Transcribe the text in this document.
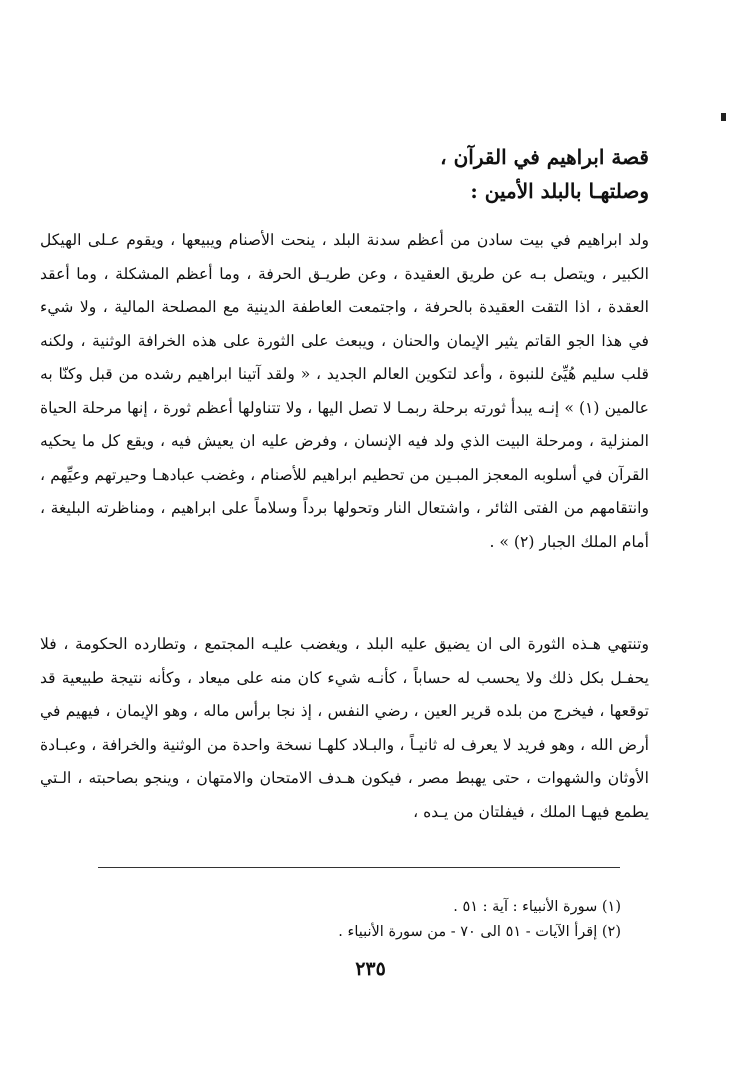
قصة ابراهيم في القرآن ،
وصلتهـا بالبلد الأمين :

ولد ابراهيم في بيت سادن من أعظم سدنة البلد ، ينحت الأصنام ويبيعها ، ويقوم عـلى الهيكل الكبير ، ويتصل بـه عن طريق العقيدة ، وعن طريـق الحرفة ، وما أعظم المشكلة ، وما أعقد العقدة ، اذا التقت العقيدة بالحرفة ، واجتمعت العاطفة الدينية مع المصلحة المالية ، ولا شيء في هذا الجو القاتم يثير الإيمان والحنان ، ويبعث على الثورة على هذه الخرافة الوثنية ، ولكنه قلب سليم هُيِّئ للنبوة ، وأعد لتكوين العالم الجديد ، « ولقد آتينا ابراهيم رشده من قبل وكنّا به عالمين (١) » إنـه يبدأ ثورته برحلة ربمـا لا تصل اليها ، ولا تتناولها أعظم ثورة ، إنها مرحلة الحياة المنزلية ، ومرحلة البيت الذي ولد فيه الإنسان ، وفرض عليه ان يعيش فيه ، ويقع كل ما يحكيه القرآن في أسلوبه المعجز المبـين من تحطيم ابراهيم للأصنام ، وغضب عبادهـا وحيرتهم وعيِّهم ، وانتقامهم من الفتى الثائر ، واشتعال النار وتحولها برداً وسلاماً على ابراهيم ، ومناظرته البليغة ، أمام الملك الجبار (٢) » .

وتنتهي هـذه الثورة الى ان يضيق عليه البلد ، ويغضب عليـه المجتمع ، وتطارده الحكومة ، فلا يحفـل بكل ذلك ولا يحسب له حساباً ، كأنـه شيء كان منه على ميعاد ، وكأنه نتيجة طبيعية قد توقعها ، فيخرج من بلده قرير العين ، رضي النفس ، إذ نجا برأس ماله ، وهو الإيمان ، فيهيم في أرض الله ، وهو فريد لا يعرف له ثانيـاً ، والبـلاد كلهـا نسخة واحدة من الوثنية والخرافة ، وعبـادة الأوثان والشهوات ، حتى يهبط مصر ، فيكون هـدف الامتحان والامتهان ، وينجو بصاحبته ، الـتي يطمع فيهـا الملك ، فيفلتان من يـده ،

(١) سورة الأنبياء : آية : ٥١ .
(٢) إقرأ الآيات - ٥١ الى ٧٠ - من سورة الأنبياء .
٢٣٥
